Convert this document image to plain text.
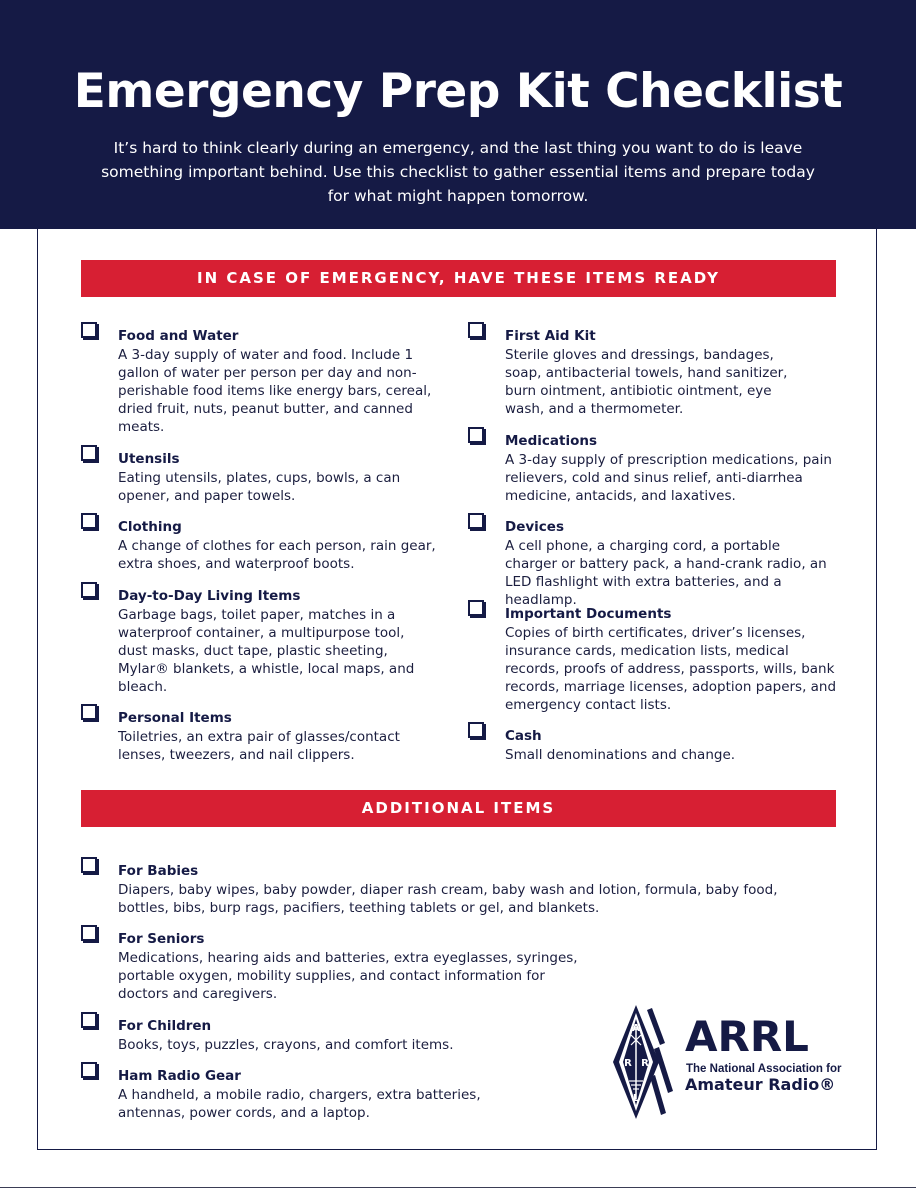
Emergency Prep Kit Checklist

It’s hard to think clearly during an emergency, and the last thing you want to do is leave something important behind. Use this checklist to gather essential items and prepare today for what might happen tomorrow.

IN CASE OF EMERGENCY, HAVE THESE ITEMS READY
Food and Water

A 3-day supply of water and food. Include 1 gallon of water per person per day and non-perishable food items like energy bars, cereal, dried fruit, nuts, peanut butter, and canned meats.

Utensils

Eating utensils, plates, cups, bowls, a can opener, and paper towels.

Clothing

A change of clothes for each person, rain gear, extra shoes, and waterproof boots.

Day-to-Day Living Items

Garbage bags, toilet paper, matches in a waterproof container, a multipurpose tool, dust masks, duct tape, plastic sheeting, Mylar® blankets, a whistle, local maps, and bleach.

Personal Items

Toiletries, an extra pair of glasses/contact lenses, tweezers, and nail clippers.

First Aid Kit

Sterile gloves and dressings, bandages, soap, antibacterial towels, hand sanitizer, burn ointment, antibiotic ointment, eye wash, and a thermometer.

Medications

A 3-day supply of prescription medications, pain relievers, cold and sinus relief, anti-diarrhea medicine, antacids, and laxatives.

Devices

A cell phone, a charging cord, a portable charger or battery pack, a hand-crank radio, an LED flashlight with extra batteries, and a headlamp.

Important Documents

Copies of birth certificates, driver’s licenses, insurance cards, medication lists, medical records, proofs of address, passports, wills, bank records, marriage licenses, adoption papers, and emergency contact lists.

Cash

Small denominations and change.

ADDITIONAL ITEMS
For Babies

Diapers, baby wipes, baby powder, diaper rash cream, baby wash and lotion, formula, baby food, bottles, bibs, burp rags, pacifiers, teething tablets or gel, and blankets.

For Seniors

Medications, hearing aids and batteries, extra eyeglasses, syringes, portable oxygen, mobility supplies, and contact information for doctors and caregivers.

For Children

Books, toys, puzzles, crayons, and comfort items.

Ham Radio Gear

A handheld, a mobile radio, chargers, extra batteries, antennas, power cords, and a laptop.

A
R R
L
ARRL
The National Association for
Amateur Radio®
